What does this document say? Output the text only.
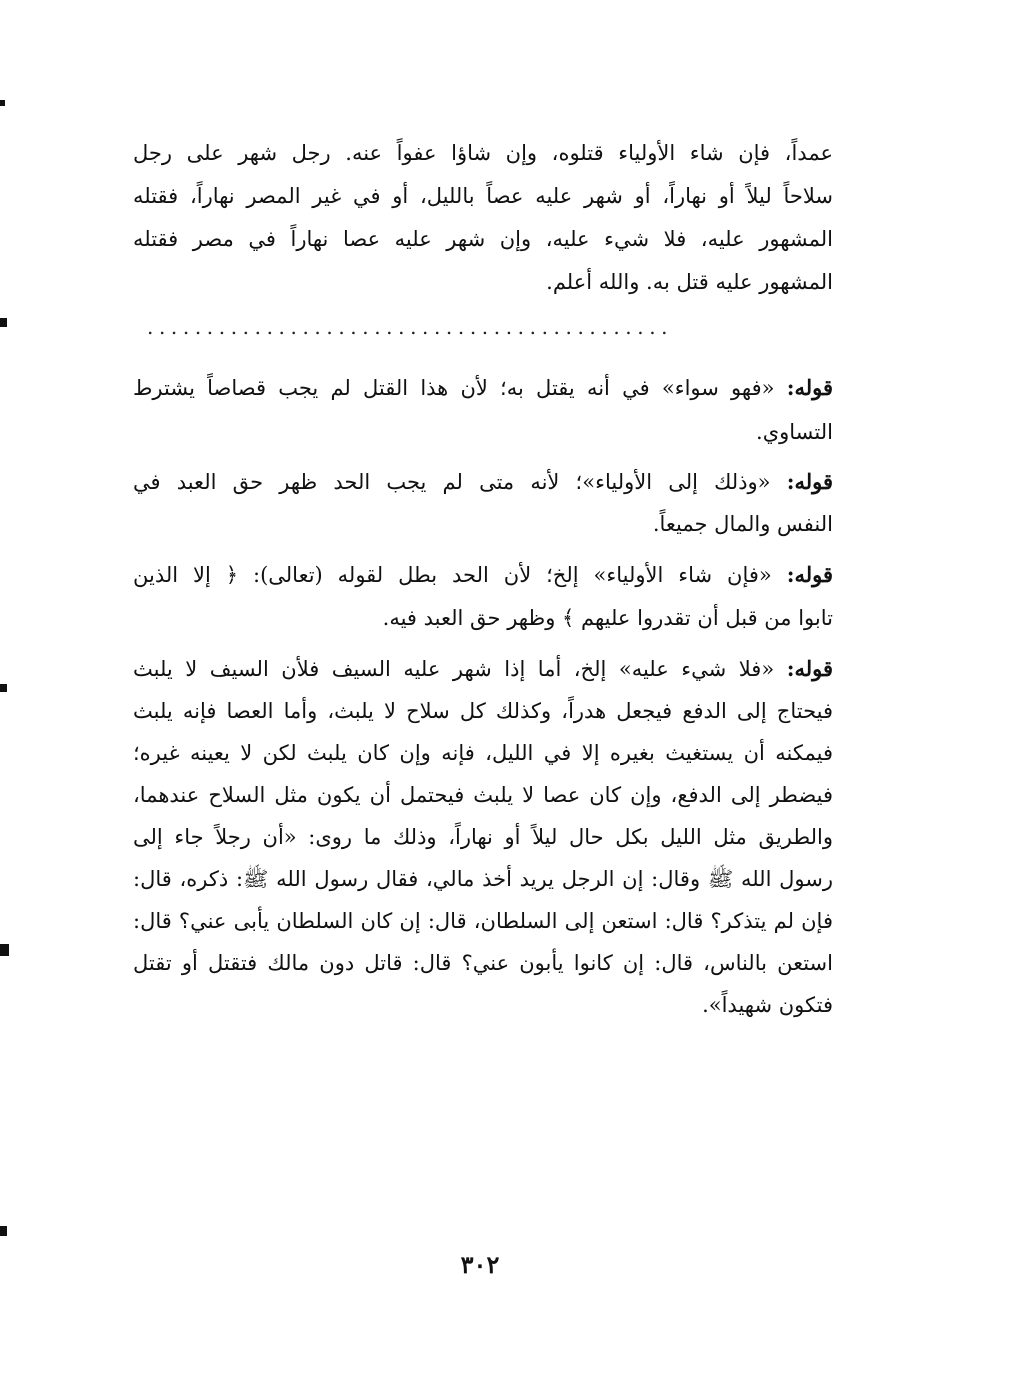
عمداً، فإن شاء الأولياء قتلوه، وإن شاؤا عفواً عنه. رجل شهر على رجل
سلاحاً ليلاً أو نهاراً، أو شهر عليه عصاً بالليل، أو في غير المصر نهاراً، فقتله
المشهور عليه، فلا شيء عليه، وإن شهر عليه عصا نهاراً في مصر فقتله
المشهور عليه قتل به. والله أعلم.
............................................
قوله: «فهو سواء» في أنه يقتل به؛ لأن هذا القتل لم يجب قصاصاً يشترط
التساوي.
قوله: «وذلك إلى الأولياء»؛ لأنه متى لم يجب الحد ظهر حق العبد في
النفس والمال جميعاً.
قوله: «فإن شاء الأولياء» إلخ؛ لأن الحد بطل لقوله (تعالى): ﴿ إلا الذين
تابوا من قبل أن تقدروا عليهم ﴾ وظهر حق العبد فيه.
قوله: «فلا شيء عليه» إلخ، أما إذا شهر عليه السيف فلأن السيف لا يلبث
فيحتاج إلى الدفع فيجعل هدراً، وكذلك كل سلاح لا يلبث، وأما العصا فإنه يلبث
فيمكنه أن يستغيث بغيره إلا في الليل، فإنه وإن كان يلبث لكن لا يعينه غيره؛
فيضطر إلى الدفع، وإن كان عصا لا يلبث فيحتمل أن يكون مثل السلاح عندهما،
والطريق مثل الليل بكل حال ليلاً أو نهاراً، وذلك ما روى: «أن رجلاً جاء إلى
رسول الله ﷺ وقال: إن الرجل يريد أخذ مالي، فقال رسول الله ﷺ: ذكره، قال:
فإن لم يتذكر؟ قال: استعن إلى السلطان، قال: إن كان السلطان يأبى عني؟ قال:
استعن بالناس، قال: إن كانوا يأبون عني؟ قال: قاتل دون مالك فتقتل أو تقتل
فتكون شهيداً».
٣٠٢
